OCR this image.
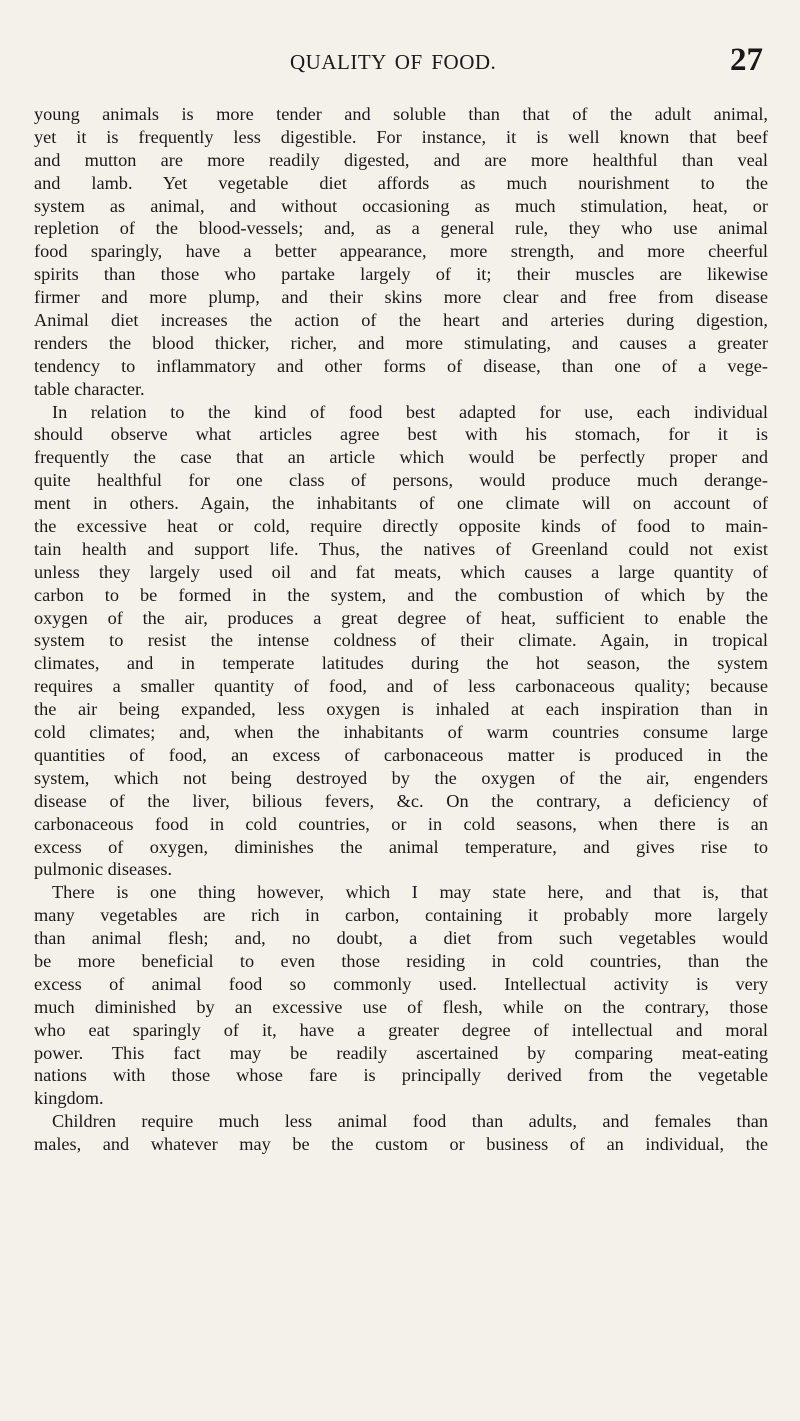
QUALITY OF FOOD.	27
young animals is more tender and soluble than that of the adult animal,
yet it is frequently less digestible. For instance, it is well known that beef
and mutton are more readily digested, and are more healthful than veal
and lamb. Yet vegetable diet affords as much nourishment to the
system as animal, and without occasioning as much stimulation, heat, or
repletion of the blood-vessels; and, as a general rule, they who use animal
food sparingly, have a better appearance, more strength, and more cheerful
spirits than those who partake largely of it; their muscles are likewise
firmer and more plump, and their skins more clear and free from disease
Animal diet increases the action of the heart and arteries during digestion,
renders the blood thicker, richer, and more stimulating, and causes a greater
tendency to inflammatory and other forms of disease, than one of a vege-
table character.
In relation to the kind of food best adapted for use, each individual
should observe what articles agree best with his stomach, for it is
frequently the case that an article which would be perfectly proper and
quite healthful for one class of persons, would produce much derange-
ment in others. Again, the inhabitants of one climate will on account of
the excessive heat or cold, require directly opposite kinds of food to main-
tain health and support life. Thus, the natives of Greenland could not exist
unless they largely used oil and fat meats, which causes a large quantity of
carbon to be formed in the system, and the combustion of which by the
oxygen of the air, produces a great degree of heat, sufficient to enable the
system to resist the intense coldness of their climate. Again, in tropical
climates, and in temperate latitudes during the hot season, the system
requires a smaller quantity of food, and of less carbonaceous quality; because
the air being expanded, less oxygen is inhaled at each inspiration than in
cold climates; and, when the inhabitants of warm countries consume large
quantities of food, an excess of carbonaceous matter is produced in the
system, which not being destroyed by the oxygen of the air, engenders
disease of the liver, bilious fevers, &c. On the contrary, a deficiency of
carbonaceous food in cold countries, or in cold seasons, when there is an
excess of oxygen, diminishes the animal temperature, and gives rise to
pulmonic diseases.
There is one thing however, which I may state here, and that is, that
many vegetables are rich in carbon, containing it probably more largely
than animal flesh; and, no doubt, a diet from such vegetables would
be more beneficial to even those residing in cold countries, than the
excess of animal food so commonly used. Intellectual activity is very
much diminished by an excessive use of flesh, while on the contrary, those
who eat sparingly of it, have a greater degree of intellectual and moral
power. This fact may be readily ascertained by comparing meat-eating
nations with those whose fare is principally derived from the vegetable
kingdom.
Children require much less animal food than adults, and females than
males, and whatever may be the custom or business of an individual, the
